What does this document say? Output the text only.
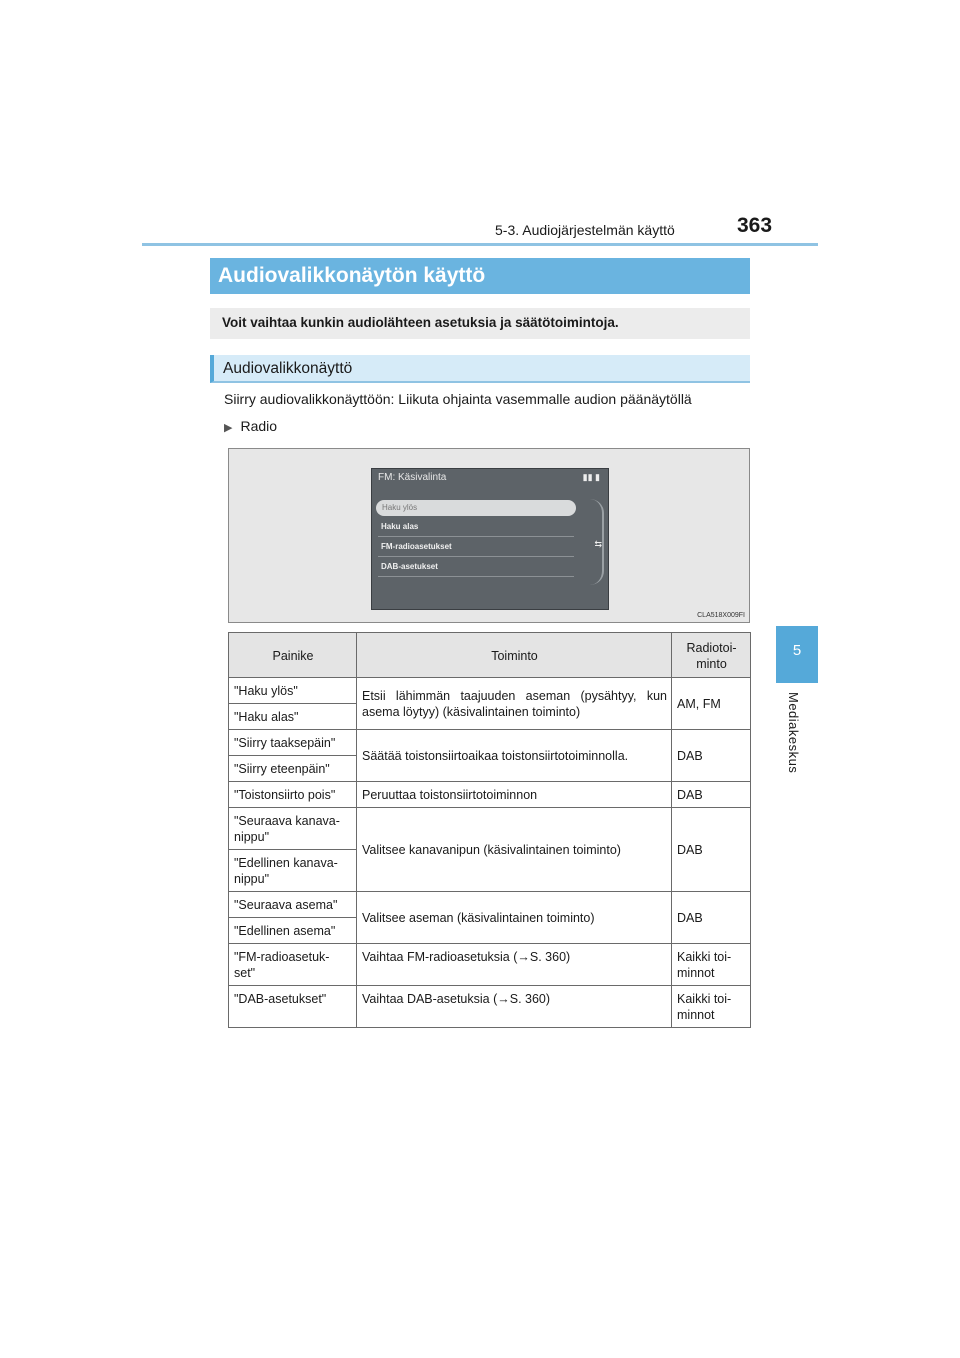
5-3. Audiojärjestelmän käyttö	363
5
Mediakeskus
Audiovalikkonäytön käyttö
Voit vaihtaa kunkin audiolähteen asetuksia ja säätötoimintoja.
Audiovalikkonäyttö
Siirry audiovalikkonäyttöön: Liikuta ohjainta vasemmalle audion päänäytöllä
▶ Radio
FM: Käsivalinta	▮▮ ▮
Haku ylös
Haku alas
FM-radioasetukset
DAB-asetukset
⇆
CLA518X009FI
Painike	Toiminto	Radiotoi-
minto
"Haku ylös"	Etsii lähimmän taajuuden aseman (pysähtyy, kun asema löytyy) (käsivalintainen toiminto)	AM, FM
"Haku alas"		
"Siirry taaksepäin"	Säätää toistonsiirtoaikaa toistonsiirtotoiminnolla.	DAB
"Siirry eteenpäin"		
"Toistonsiirto pois"	Peruuttaa toistonsiirtotoiminnon	DAB
"Seuraava kanava-
nippu"	Valitsee kanavanipun (käsivalintainen toiminto)	DAB
"Edellinen kanava-
nippu"		
"Seuraava asema"	Valitsee aseman (käsivalintainen toiminto)	DAB
"Edellinen asema"		
"FM-radioasetuk-
set"	Vaihtaa FM-radioasetuksia (→S. 360)	Kaikki toi-
minnot
"DAB-asetukset"	Vaihtaa DAB-asetuksia (→S. 360)	Kaikki toi-
minnot
